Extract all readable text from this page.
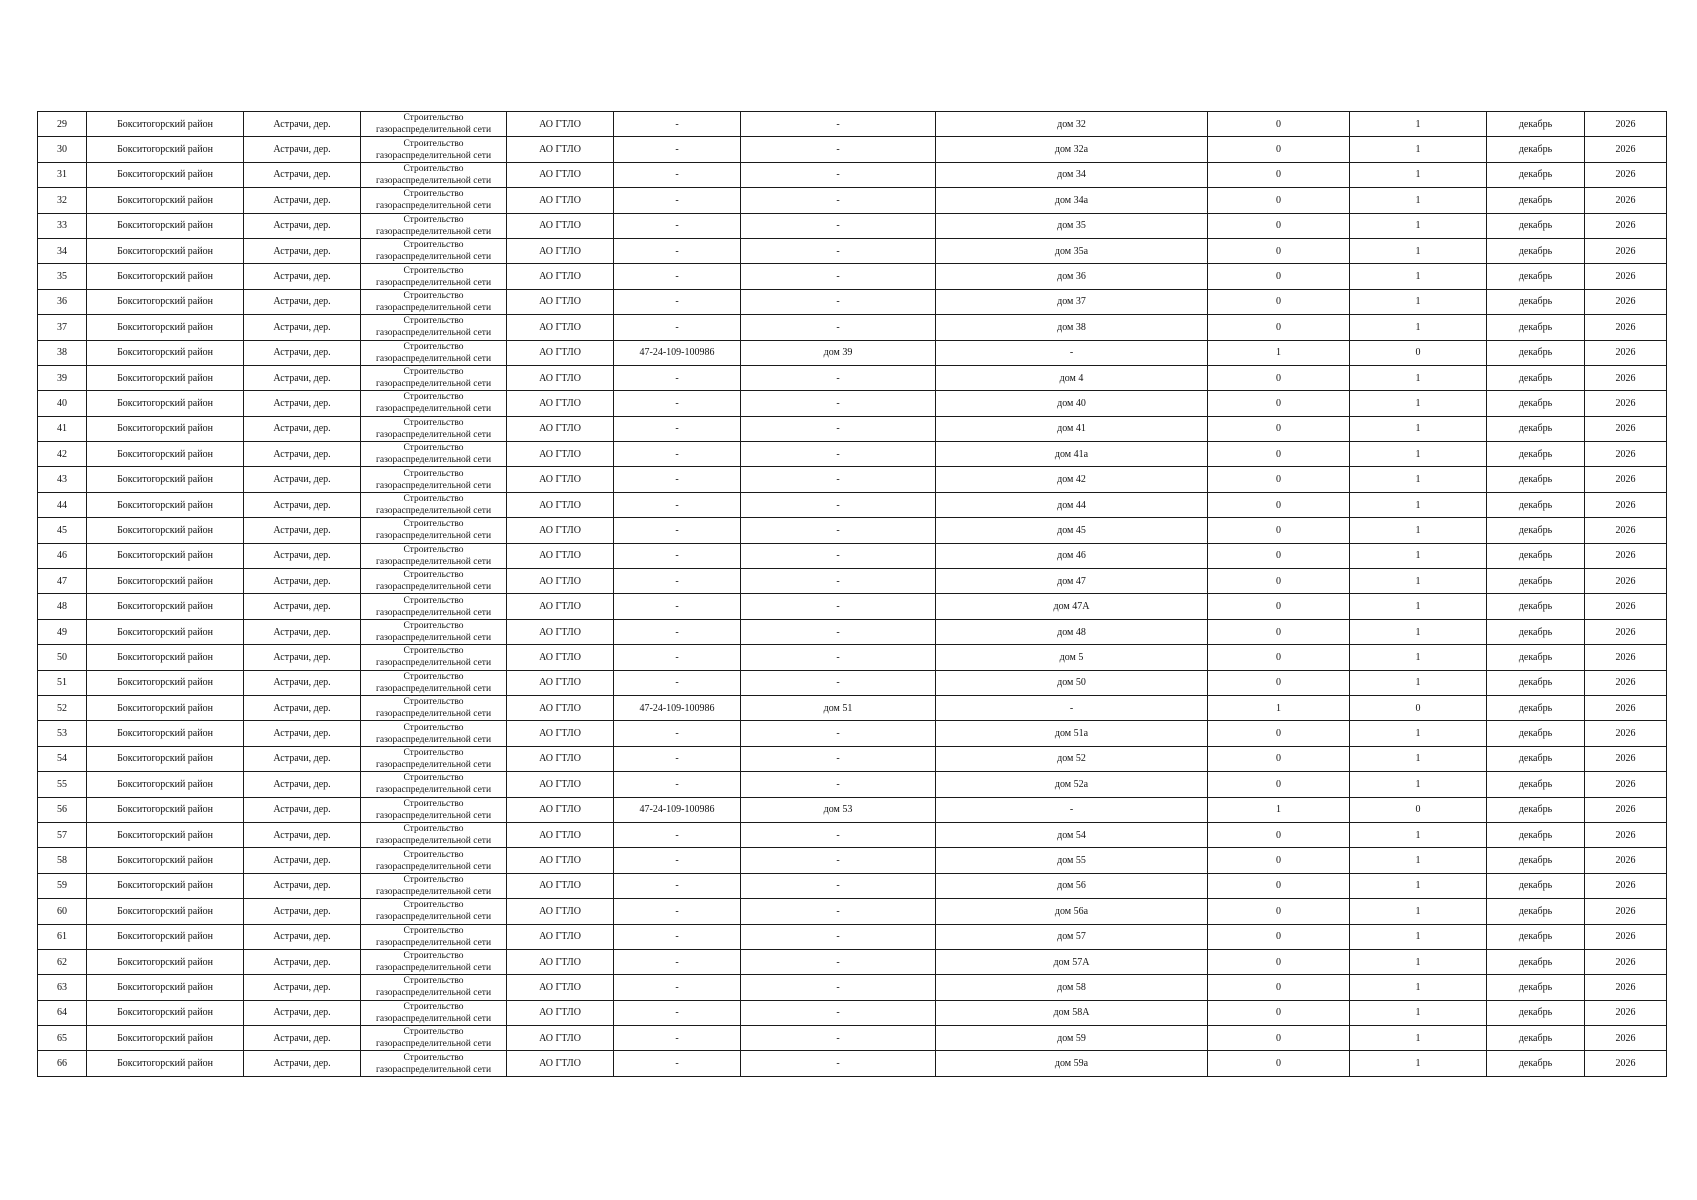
29	Бокситогорский район	Астрачи, дер.	Строительство газораспределительной сети	АО ГТЛО	-	-	дом 32	0	1	декабрь	2026
30	Бокситогорский район	Астрачи, дер.	Строительство газораспределительной сети	АО ГТЛО	-	-	дом 32а	0	1	декабрь	2026
31	Бокситогорский район	Астрачи, дер.	Строительство газораспределительной сети	АО ГТЛО	-	-	дом 34	0	1	декабрь	2026
32	Бокситогорский район	Астрачи, дер.	Строительство газораспределительной сети	АО ГТЛО	-	-	дом 34а	0	1	декабрь	2026
33	Бокситогорский район	Астрачи, дер.	Строительство газораспределительной сети	АО ГТЛО	-	-	дом 35	0	1	декабрь	2026
34	Бокситогорский район	Астрачи, дер.	Строительство газораспределительной сети	АО ГТЛО	-	-	дом 35а	0	1	декабрь	2026
35	Бокситогорский район	Астрачи, дер.	Строительство газораспределительной сети	АО ГТЛО	-	-	дом 36	0	1	декабрь	2026
36	Бокситогорский район	Астрачи, дер.	Строительство газораспределительной сети	АО ГТЛО	-	-	дом 37	0	1	декабрь	2026
37	Бокситогорский район	Астрачи, дер.	Строительство газораспределительной сети	АО ГТЛО	-	-	дом 38	0	1	декабрь	2026
38	Бокситогорский район	Астрачи, дер.	Строительство газораспределительной сети	АО ГТЛО	47-24-109-100986	дом 39	-	1	0	декабрь	2026
39	Бокситогорский район	Астрачи, дер.	Строительство газораспределительной сети	АО ГТЛО	-	-	дом 4	0	1	декабрь	2026
40	Бокситогорский район	Астрачи, дер.	Строительство газораспределительной сети	АО ГТЛО	-	-	дом 40	0	1	декабрь	2026
41	Бокситогорский район	Астрачи, дер.	Строительство газораспределительной сети	АО ГТЛО	-	-	дом 41	0	1	декабрь	2026
42	Бокситогорский район	Астрачи, дер.	Строительство газораспределительной сети	АО ГТЛО	-	-	дом 41а	0	1	декабрь	2026
43	Бокситогорский район	Астрачи, дер.	Строительство газораспределительной сети	АО ГТЛО	-	-	дом 42	0	1	декабрь	2026
44	Бокситогорский район	Астрачи, дер.	Строительство газораспределительной сети	АО ГТЛО	-	-	дом 44	0	1	декабрь	2026
45	Бокситогорский район	Астрачи, дер.	Строительство газораспределительной сети	АО ГТЛО	-	-	дом 45	0	1	декабрь	2026
46	Бокситогорский район	Астрачи, дер.	Строительство газораспределительной сети	АО ГТЛО	-	-	дом 46	0	1	декабрь	2026
47	Бокситогорский район	Астрачи, дер.	Строительство газораспределительной сети	АО ГТЛО	-	-	дом 47	0	1	декабрь	2026
48	Бокситогорский район	Астрачи, дер.	Строительство газораспределительной сети	АО ГТЛО	-	-	дом 47А	0	1	декабрь	2026
49	Бокситогорский район	Астрачи, дер.	Строительство газораспределительной сети	АО ГТЛО	-	-	дом 48	0	1	декабрь	2026
50	Бокситогорский район	Астрачи, дер.	Строительство газораспределительной сети	АО ГТЛО	-	-	дом 5	0	1	декабрь	2026
51	Бокситогорский район	Астрачи, дер.	Строительство газораспределительной сети	АО ГТЛО	-	-	дом 50	0	1	декабрь	2026
52	Бокситогорский район	Астрачи, дер.	Строительство газораспределительной сети	АО ГТЛО	47-24-109-100986	дом 51	-	1	0	декабрь	2026
53	Бокситогорский район	Астрачи, дер.	Строительство газораспределительной сети	АО ГТЛО	-	-	дом 51а	0	1	декабрь	2026
54	Бокситогорский район	Астрачи, дер.	Строительство газораспределительной сети	АО ГТЛО	-	-	дом 52	0	1	декабрь	2026
55	Бокситогорский район	Астрачи, дер.	Строительство газораспределительной сети	АО ГТЛО	-	-	дом 52а	0	1	декабрь	2026
56	Бокситогорский район	Астрачи, дер.	Строительство газораспределительной сети	АО ГТЛО	47-24-109-100986	дом 53	-	1	0	декабрь	2026
57	Бокситогорский район	Астрачи, дер.	Строительство газораспределительной сети	АО ГТЛО	-	-	дом 54	0	1	декабрь	2026
58	Бокситогорский район	Астрачи, дер.	Строительство газораспределительной сети	АО ГТЛО	-	-	дом 55	0	1	декабрь	2026
59	Бокситогорский район	Астрачи, дер.	Строительство газораспределительной сети	АО ГТЛО	-	-	дом 56	0	1	декабрь	2026
60	Бокситогорский район	Астрачи, дер.	Строительство газораспределительной сети	АО ГТЛО	-	-	дом 56а	0	1	декабрь	2026
61	Бокситогорский район	Астрачи, дер.	Строительство газораспределительной сети	АО ГТЛО	-	-	дом 57	0	1	декабрь	2026
62	Бокситогорский район	Астрачи, дер.	Строительство газораспределительной сети	АО ГТЛО	-	-	дом 57А	0	1	декабрь	2026
63	Бокситогорский район	Астрачи, дер.	Строительство газораспределительной сети	АО ГТЛО	-	-	дом 58	0	1	декабрь	2026
64	Бокситогорский район	Астрачи, дер.	Строительство газораспределительной сети	АО ГТЛО	-	-	дом 58А	0	1	декабрь	2026
65	Бокситогорский район	Астрачи, дер.	Строительство газораспределительной сети	АО ГТЛО	-	-	дом 59	0	1	декабрь	2026
66	Бокситогорский район	Астрачи, дер.	Строительство газораспределительной сети	АО ГТЛО	-	-	дом 59а	0	1	декабрь	2026
